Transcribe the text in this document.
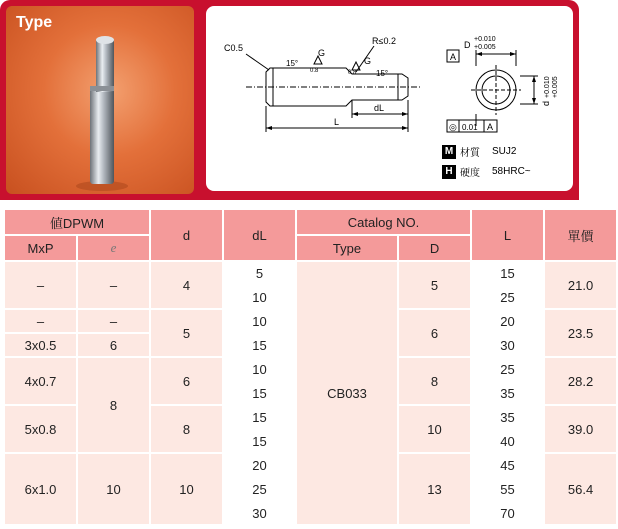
Type
C0.5
15°
0.8
G
R≤0.2
0.8
G
15°
dL
L
A
D
+0.010
+0.005
d
+0.010 +0.005
◎ 0.01 A
M 材質 SUJ2
H 硬度 58HRC~
値DPWM		d	dL	Catalog NO.		L	單價
MxP	e			Type	D		
–	–	4	5	CB033	5	15	21.0
			10			25	
–	–	5	10		6	20	23.5
3x0.5	6		15			30	
4x0.7	8	6	10		8	25	28.2
			15			35	
5x0.8		8	15		10	35	39.0
			15			40	
6x1.0	10	10	20		13	45	56.4
			25			55	
			30			70	
